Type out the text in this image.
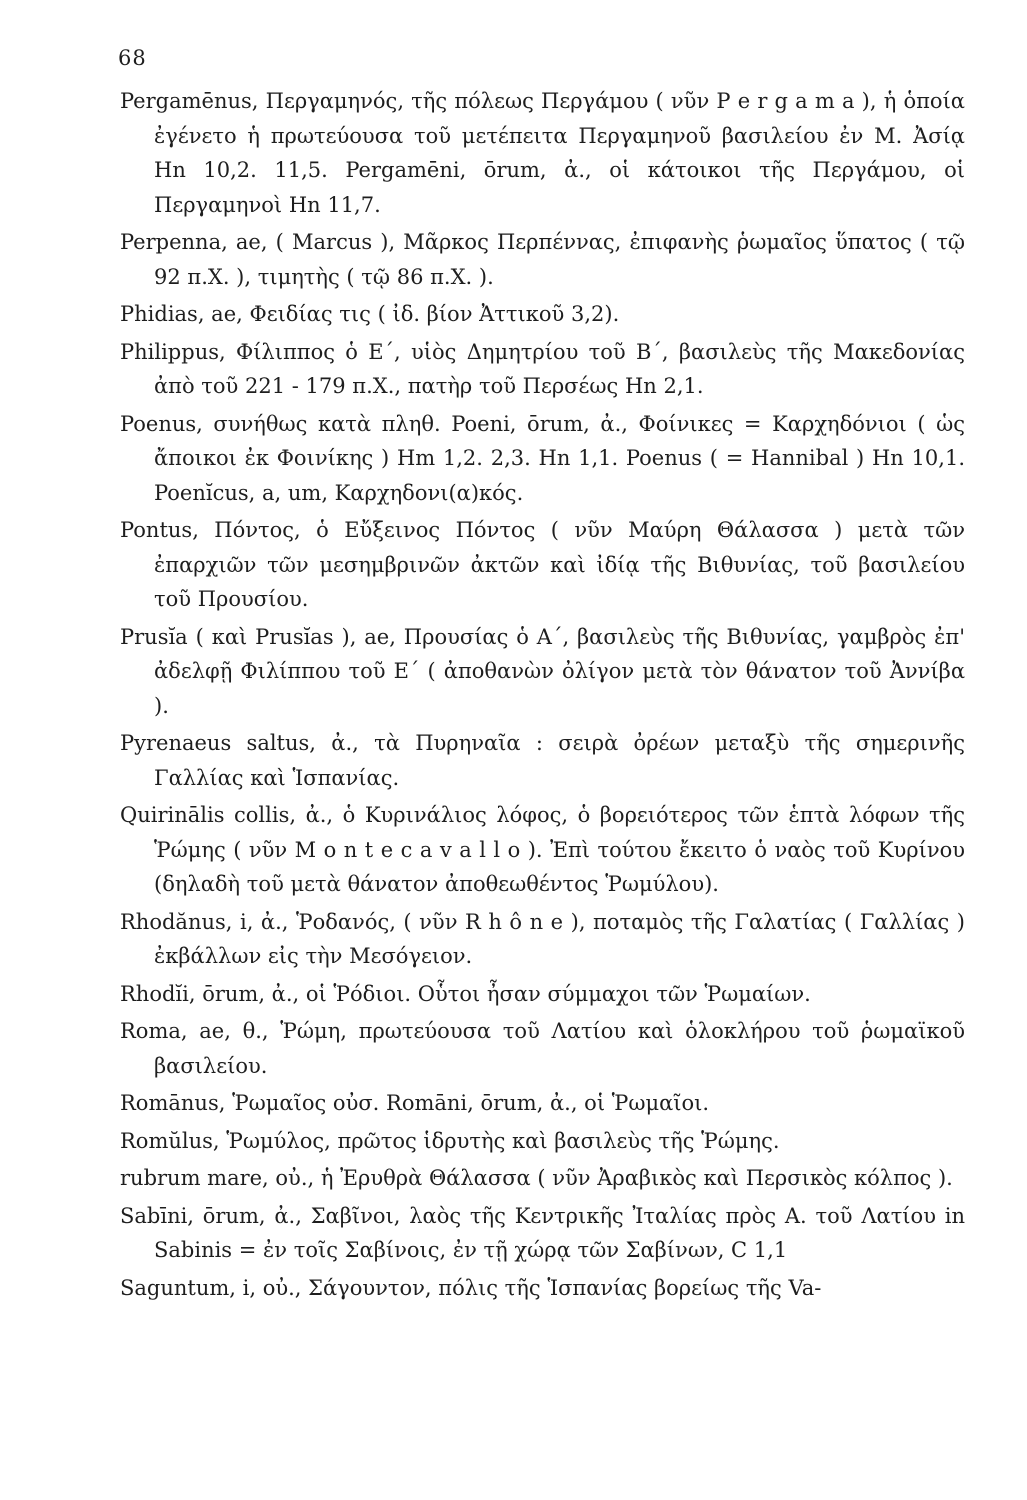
68
Pergamēnus, Περγαμηνός, τῆς πόλεως Περγάμου ( νῦν P e r g a m a ), ἡ ὁποία ἐγένετο ἡ πρωτεύουσα τοῦ μετέπειτα Περγαμηνοῦ βασιλείου ἐν Μ. Ἀσίᾳ Hn 10,2. 11,5. Pergamēni, ōrum, ἀ., οἱ κάτοικοι τῆς Περγάμου, οἱ Περγαμηνοὶ Hn 11,7.
Perpenna, ae, ( Marcus ), Μᾶρκος Περπέννας, ἐπιφανὴς ῥωμαῖος ὕπατος ( τῷ 92 π.Χ. ), τιμητὴς ( τῷ 86 π.Χ. ).
Phidias, ae, Φειδίας τις ( ἰδ. βίον Ἀττικοῦ 3,2).
Philippus, Φίλιππος ὁ Ε΄, υἱὸς Δημητρίου τοῦ Β΄, βασιλεὺς τῆς Μακεδονίας ἀπὸ τοῦ 221 - 179 π.Χ., πατὴρ τοῦ Περσέως Hn 2,1.
Poenus, συνήθως κατὰ πληθ. Poeni, ōrum, ἀ., Φοίνικες = Καρχηδόνιοι ( ὡς ἄποικοι ἐκ Φοινίκης ) Hm 1,2. 2,3. Hn 1,1. Poenus ( = Hannibal ) Hn 10,1. Poenĭcus, a, um, Καρχηδονι(α)κός.
Pontus, Πόντος, ὁ Εὔξεινος Πόντος ( νῦν Μαύρη Θάλασσα ) μετὰ τῶν ἐπαρχιῶν τῶν μεσημβρινῶν ἀκτῶν καὶ ἰδίᾳ τῆς Βιθυνίας, τοῦ βασιλείου τοῦ Προυσίου.
Prusĭa ( καὶ Prusĭas ), ae, Προυσίας ὁ Α΄, βασιλεὺς τῆς Βιθυνίας, γαμβρὸς ἐπ' ἀδελφῇ Φιλίππου τοῦ Ε΄ ( ἀποθανὼν ὀλίγον μετὰ τὸν θάνατον τοῦ Ἀννίβα ).
Pyrenaeus saltus, ἀ., τὰ Πυρηναῖα : σειρὰ ὀρέων μεταξὺ τῆς σημερινῆς Γαλλίας καὶ Ἱσπανίας.
Quirinālis collis, ἀ., ὁ Κυρινάλιος λόφος, ὁ βορειότερος τῶν ἑπτὰ λόφων τῆς Ῥώμης ( νῦν M o n t e c a v a l l o ). Ἐπὶ τούτου ἔκειτο ὁ ναὸς τοῦ Κυρίνου (δηλαδὴ τοῦ μετὰ θάνατον ἀποθεωθέντος Ῥωμύλου).
Rhodănus, i, ἀ., Ῥοδανός, ( νῦν R h ô n e ), ποταμὸς τῆς Γαλατίας ( Γαλλίας ) ἐκβάλλων εἰς τὴν Μεσόγειον.
Rhodĭi, ōrum, ἀ., οἱ Ῥόδιοι. Οὗτοι ἦσαν σύμμαχοι τῶν Ῥωμαίων.
Roma, ae, θ., Ῥώμη, πρωτεύουσα τοῦ Λατίου καὶ ὁλοκλήρου τοῦ ῥωμαϊκοῦ βασιλείου.
Romānus, Ῥωμαῖος οὐσ. Romāni, ōrum, ἀ., οἱ Ῥωμαῖοι.
Romŭlus, Ῥωμύλος, πρῶτος ἱδρυτὴς καὶ βασιλεὺς τῆς Ῥώμης.
rubrum mare, οὐ., ἡ Ἐρυθρὰ Θάλασσα ( νῦν Ἀραβικὸς καὶ Περσικὸς κόλπος ).
Sabīni, ōrum, ἀ., Σαβῖνοι, λαὸς τῆς Κεντρικῆς Ἰταλίας πρὸς Α. τοῦ Λατίου in Sabinis = ἐν τοῖς Σαβίνοις, ἐν τῇ χώρᾳ τῶν Σαβίνων, C 1,1
Saguntum, i, οὐ., Σάγουντον, πόλις τῆς Ἱσπανίας βορείως τῆς Va-
